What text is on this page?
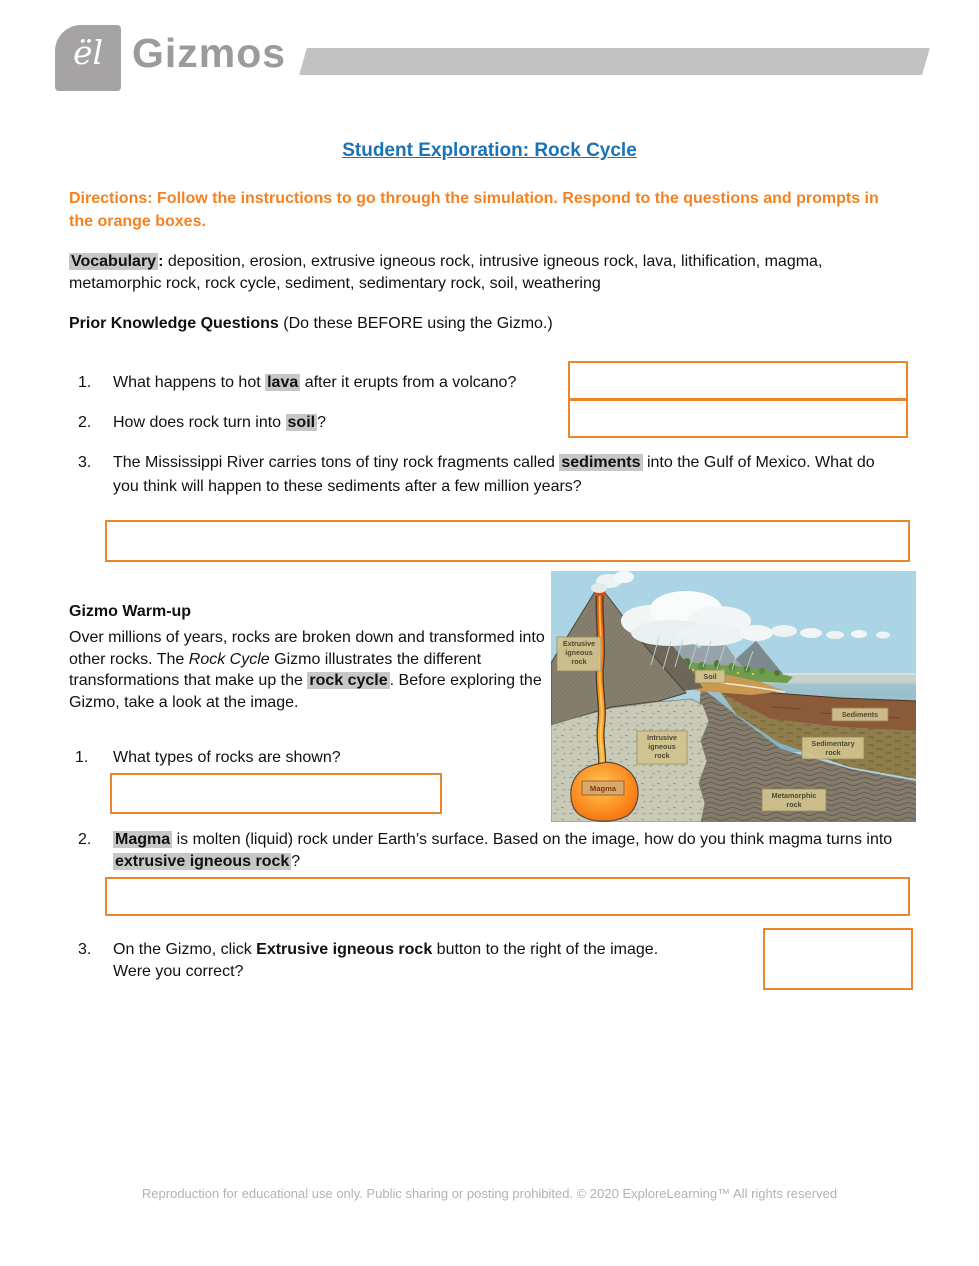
ël Gizmos
Student Exploration: Rock Cycle

Directions: Follow the instructions to go through the simulation. Respond to the questions and prompts in the orange boxes.

Vocabulary : deposition, erosion, extrusive igneous rock, intrusive igneous rock, lava, lithification, magma, metamorphic rock, rock cycle, sediment, sedimentary rock, soil, weathering

Prior Knowledge Questions (Do these BEFORE using the Gizmo.)

1.	What happens to hot lava after it erupts from a volcano?
2.	How does rock turn into soil ?
3.	The Mississippi River carries tons of tiny rock fragments called sediments into the Gulf of Mexico. What do you think will happen to these sediments after a few million years?

Gizmo Warm-up

Over millions of years, rocks are broken down and transformed into other rocks. The Rock Cycle Gizmo illustrates the different transformations that make up the rock cycle . Before exploring the Gizmo, take a look at the image.

1.	What types of rocks are shown?
2.	Magma is molten (liquid) rock under Earth’s surface. Based on the image, how do you think magma turns into extrusive igneous rock ?
3.	On the Gizmo, click Extrusive igneous rock button to the right of the image.
Were you correct?
Extrusive igneous rock
Soil
Sediments
Sedimentary rock
Metamorphic rock
Intrusive igneous rock
Magma
Reproduction for educational use only. Public sharing or posting prohibited. © 2020 ExploreLearning™ All rights reserved
